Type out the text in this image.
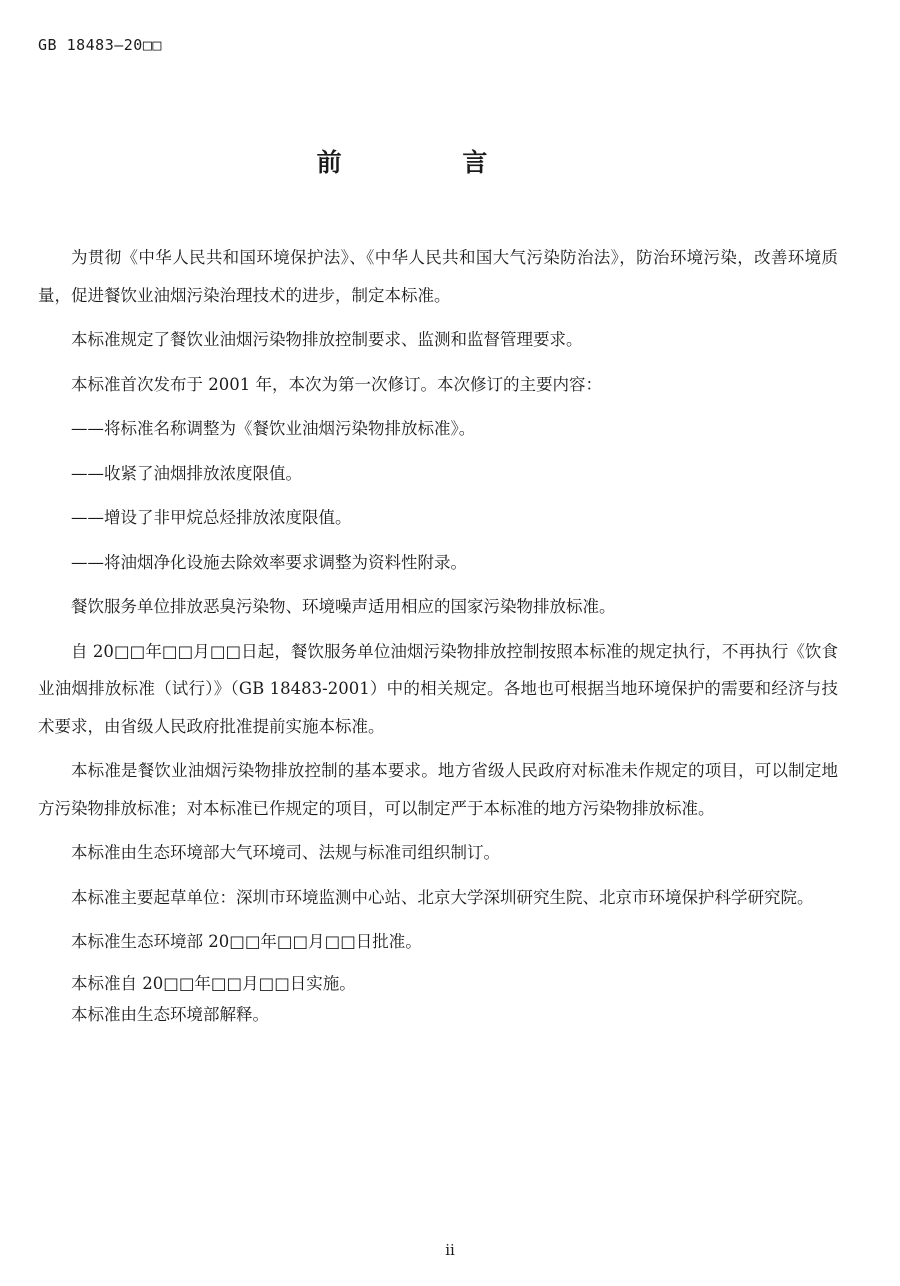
GB 18483—20□□
前 言

为贯彻《中华人民共和国环境保护法》、《中华人民共和国大气污染防治法》，防治环境污染，改善环境质量，促进餐饮业油烟污染治理技术的进步，制定本标准。

本标准规定了餐饮业油烟污染物排放控制要求、监测和监督管理要求。

本标准首次发布于 2001 年，本次为第一次修订。本次修订的主要内容：

——将标准名称调整为《餐饮业油烟污染物排放标准》。

——收紧了油烟排放浓度限值。

——增设了非甲烷总烃排放浓度限值。

——将油烟净化设施去除效率要求调整为资料性附录。

餐饮服务单位排放恶臭污染物、环境噪声适用相应的国家污染物排放标准。

自 20□□年□□月□□日起，餐饮服务单位油烟污染物排放控制按照本标准的规定执行，不再执行《饮食业油烟排放标准（试行）》（GB 18483-2001）中的相关规定。各地也可根据当地环境保护的需要和经济与技术要求，由省级人民政府批准提前实施本标准。

本标准是餐饮业油烟污染物排放控制的基本要求。地方省级人民政府对标准未作规定的项目，可以制定地方污染物排放标准；对本标准已作规定的项目，可以制定严于本标准的地方污染物排放标准。

本标准由生态环境部大气环境司、法规与标准司组织制订。

本标准主要起草单位：深圳市环境监测中心站、北京大学深圳研究生院、北京市环境保护科学研究院。

本标准生态环境部 20□□年□□月□□日批准。

本标准自 20□□年□□月□□日实施。

本标准由生态环境部解释。

ii
